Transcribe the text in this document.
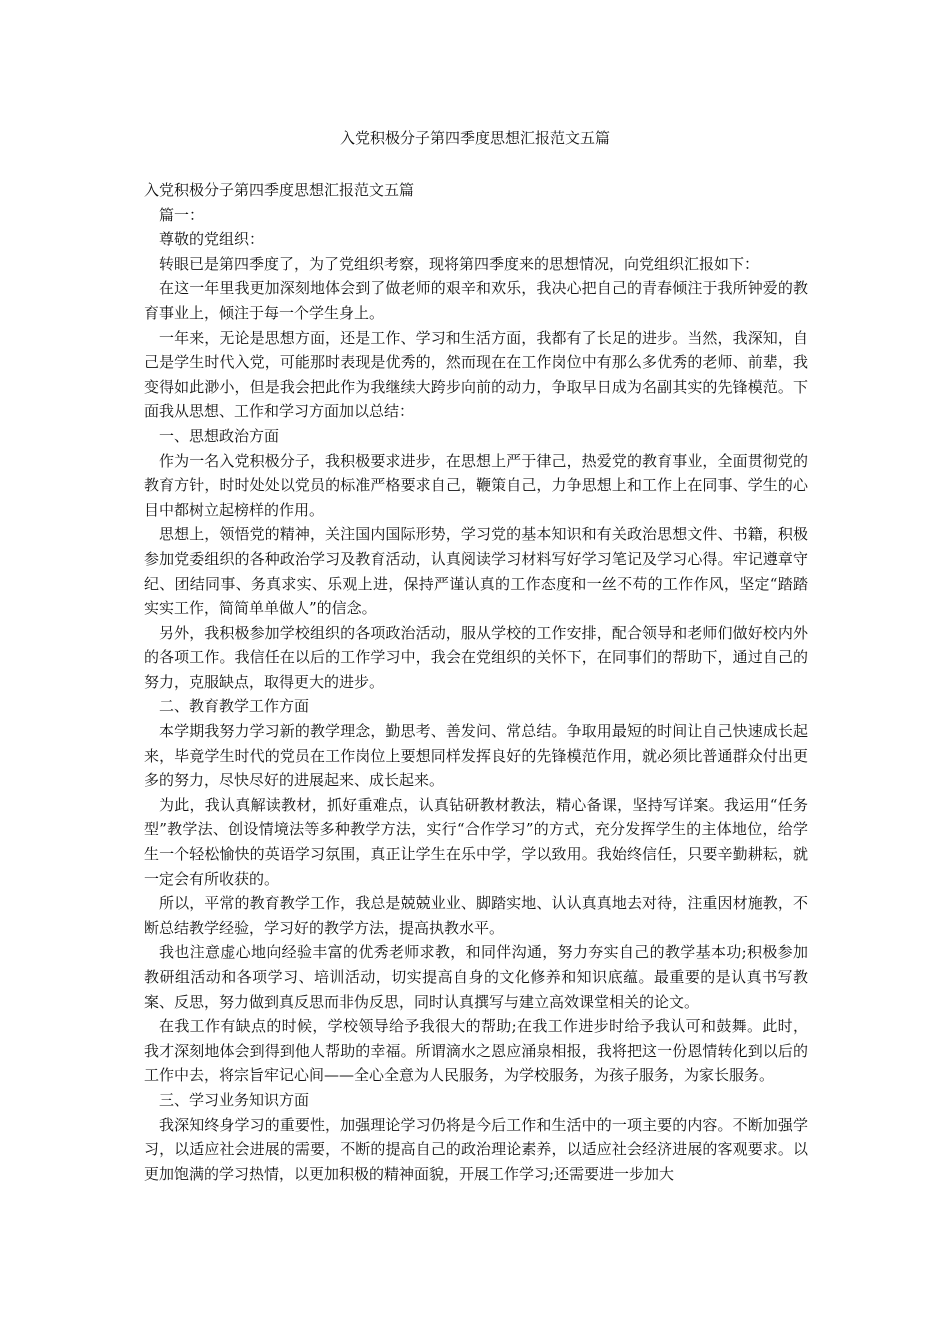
入党积极分子第四季度思想汇报范文五篇

入党积极分子第四季度思想汇报范文五篇

篇一：

尊敬的党组织：

转眼已是第四季度了，为了党组织考察，现将第四季度来的思想情况，向党组织汇报如下：

在这一年里我更加深刻地体会到了做老师的艰辛和欢乐，我决心把自己的青春倾注于我所钟爱的教育事业上，倾注于每一个学生身上。

一年来，无论是思想方面，还是工作、学习和生活方面，我都有了长足的进步。当然，我深知，自己是学生时代入党，可能那时表现是优秀的，然而现在在工作岗位中有那么多优秀的老师、前辈，我变得如此渺小，但是我会把此作为我继续大跨步向前的动力，争取早日成为名副其实的先锋模范。下面我从思想、工作和学习方面加以总结：

一、思想政治方面

作为一名入党积极分子，我积极要求进步，在思想上严于律己，热爱党的教育事业，全面贯彻党的教育方针，时时处处以党员的标准严格要求自己，鞭策自己，力争思想上和工作上在同事、学生的心目中都树立起榜样的作用。

思想上，领悟党的精神，关注国内国际形势，学习党的基本知识和有关政治思想文件、书籍，积极参加党委组织的各种政治学习及教育活动，认真阅读学习材料写好学习笔记及学习心得。牢记遵章守纪、团结同事、务真求实、乐观上进，保持严谨认真的工作态度和一丝不苟的工作作风，坚定“踏踏实实工作，简简单单做人”的信念。

另外，我积极参加学校组织的各项政治活动，服从学校的工作安排，配合领导和老师们做好校内外的各项工作。我信任在以后的工作学习中，我会在党组织的关怀下，在同事们的帮助下，通过自己的努力，克服缺点，取得更大的进步。

二、教育教学工作方面

本学期我努力学习新的教学理念，勤思考、善发问、常总结。争取用最短的时间让自己快速成长起来，毕竟学生时代的党员在工作岗位上要想同样发挥良好的先锋模范作用，就必须比普通群众付出更多的努力，尽快尽好的进展起来、成长起来。

为此，我认真解读教材，抓好重难点，认真钻研教材教法，精心备课，坚持写详案。我运用“任务型”教学法、创设情境法等多种教学方法，实行“合作学习”的方式，充分发挥学生的主体地位，给学生一个轻松愉快的英语学习氛围，真正让学生在乐中学，学以致用。我始终信任，只要辛勤耕耘，就一定会有所收获的。

所以，平常的教育教学工作，我总是兢兢业业、脚踏实地、认认真真地去对待，注重因材施教，不断总结教学经验，学习好的教学方法，提高执教水平。

我也注意虚心地向经验丰富的优秀老师求教，和同伴沟通，努力夯实自己的教学基本功;积极参加教研组活动和各项学习、培训活动，切实提高自身的文化修养和知识底蕴。最重要的是认真书写教案、反思，努力做到真反思而非伪反思，同时认真撰写与建立高效课堂相关的论文。

在我工作有缺点的时候，学校领导给予我很大的帮助;在我工作进步时给予我认可和鼓舞。此时，我才深刻地体会到得到他人帮助的幸福。所谓滴水之恩应涌泉相报，我将把这一份恩情转化到以后的工作中去，将宗旨牢记心间——全心全意为人民服务，为学校服务，为孩子服务，为家长服务。

三、学习业务知识方面

我深知终身学习的重要性，加强理论学习仍将是今后工作和生活中的一项主要的内容。不断加强学习，以适应社会进展的需要，不断的提高自己的政治理论素养，以适应社会经济进展的客观要求。以更加饱满的学习热情，以更加积极的精神面貌，开展工作学习;还需要进一步加大
